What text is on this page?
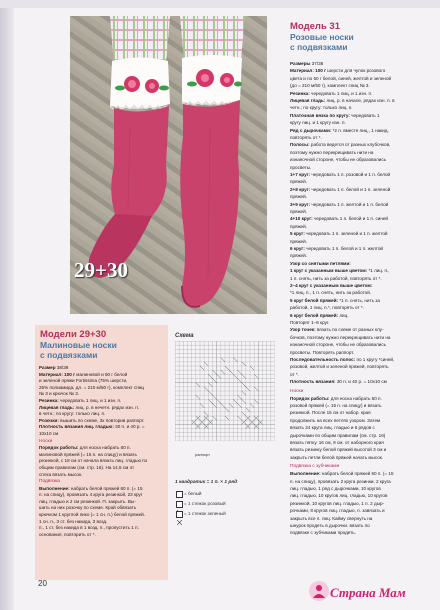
29+30
Модели 29+30
Малиновые носки
с подвязками
Размер 38/39
Материал: 100 г малиновой и 50 г белой
и зеленой пряжи Fortissima (75% шерсти,
25% полиамида, дл. = 210 м/50 г), комплект спиц
№ 3 и крючок № 3.
Резинка: чередовать 1 лиц. и 1 изн. п.
Лицевая гладь: лиц. р. в нечетн. рядах изн. п.
в четн.; по кругу: только лиц. п.
Розочки: вышить по схеме, 3х повторив раппорт.
Плотность вязания лиц. гладью: 30 п. и 40 р. =
10х10 см
Носки
Порядок работы: для носка набрать 60 п.
малиновой пряжей (= 15 п. на спицу) и вязать
резинкой, с 18 см от начала вязать лиц. гладью по
общим правилам (см. стр. 16). На 14,5 см от
сплка вязать мысок.
Подвязка
Выполнение: набрать белой пряжей 60 п. (= 15
п. на спицу), провязать 4 круга резинкой, 23 круг
лиц. гладью и 2 см резинкой. П. закрыть. Вы-
шить на них розочку по схеме. Край обвязать
крючком 1 круглой пико (= 1 сн. п.) белой пряжей.
1 сн. п., 3 ст. без накида, 3 возд.
п., 1 ст. без накида в 1 возд. п., пропустить 1 п.
основания, повторить от *.
Схема
раппорт
1 квадратик = 1 п. × 1 ряд
= белый
= 1 стежок розовый
= 1 стежок зеленый
Модель 31
Розовые носки
с подвязками
Размеры 37/38
Материал: 100 г шерсти для чулок розового
цвета и по 50 г белой, синей, желтой и зеленой
(до = 210 м/50 г), комплект спиц № 3.
Резинка: чередовать 1 лиц. и 1 изн. п.
Лицевая гладь: лиц. р. в начале, рядах изн. п. в
четн.; по кругу: только лиц. п.
Платочная вязка по кругу: чередовать 1
кругу лиц. и 1 кругу изн. п.
Ряд с дырочками: *2 п. вместе лиц., 1 накид,
повторять от *.
Полосы: работа ведется от разных клубочков,
поэтому нужно перекрещивать нити на
изнаночной стороне, чтобы не образовались
просветы.
1+7 круг: чередовать 1 п. розовой и 1 п. белой
пряжей.
2+8 круг: чередовать 1 п. белой и 1 п. зеленой
пряжей.
3+9 круг: чередовать 1 п. желтой и 1 п. белой
пряжей.
4+10 круг: чередовать 1 п. белой и 1 п. синей
пряжей.
5 круг: чередовать 1 п. зеленой и 1 п. желтой
пряжей.
6 круг: чередовать 1 п. белой и 1 п. желтой
пряжей.
Узор со снятыми петлями:
1 круг с указанным выше цветом: *1 лиц. п.,
1 п. снять, нить за работой, повторять от *.
2–4 круг с указанным выше цветом:
*1 лиц. п., 1 п. снять, нить за работой.
5 круг белой пряжей: *1 п. снять, нить за
работой, 1 лиц. п.*, повторять от *.
6 круг белой пряжей: лиц.
Повторят 1–6 круг.
Узор точек: вязать по схеме от разных клу-
бочков, поэтому нужно перекрещивать нити на
изнаночной стороне, чтобы не образовались
просветы. Повторять раппорт.
Последовательность полос: по 1 кругу *синей,
розовой, желтой и зеленой пряжей, повторять
от *.
Плотность вязания: 30 п. и 40 р. = 10х10 см
Носки
Порядок работы: для носка набрать 60 п.
розовой пряжей (= 15 п. на спицу) и вязать
резинкой. После 15 см от набор. края
продолжить на всех петлях узором. Затем
вязать 24 круга лиц. гладью и 6 рядов с
дырочками по общим правилам (см. стр. 16)
вязать пятку. 16 см, 9 см. от наборного края
вязать резинку белой пряжей высотой 3 см и
закрыть петли белой пряжей начать мысок.
Подвязка с зубчиками
Выполнение: набрать белой пряжей 60 п. (= 15
п. на спицу), провязать 2 круга резинки, 2 круга
лиц. гладью, 1 ряд с дырочками, 10 кругов
лиц. гладью, 10 кругов лиц. гладью, 10 кругов
резинкой, 10 кругов лиц. гладью, 1 п. 2 дыр-
рочками, 8 кругов лиц. гладью, п. завязать и
закрыть все п. лиц. Кайму свернуть на
шнурок продеть в дырочки. вязать по
подвязке с зубчиками продеть.
20
Страна Мам
